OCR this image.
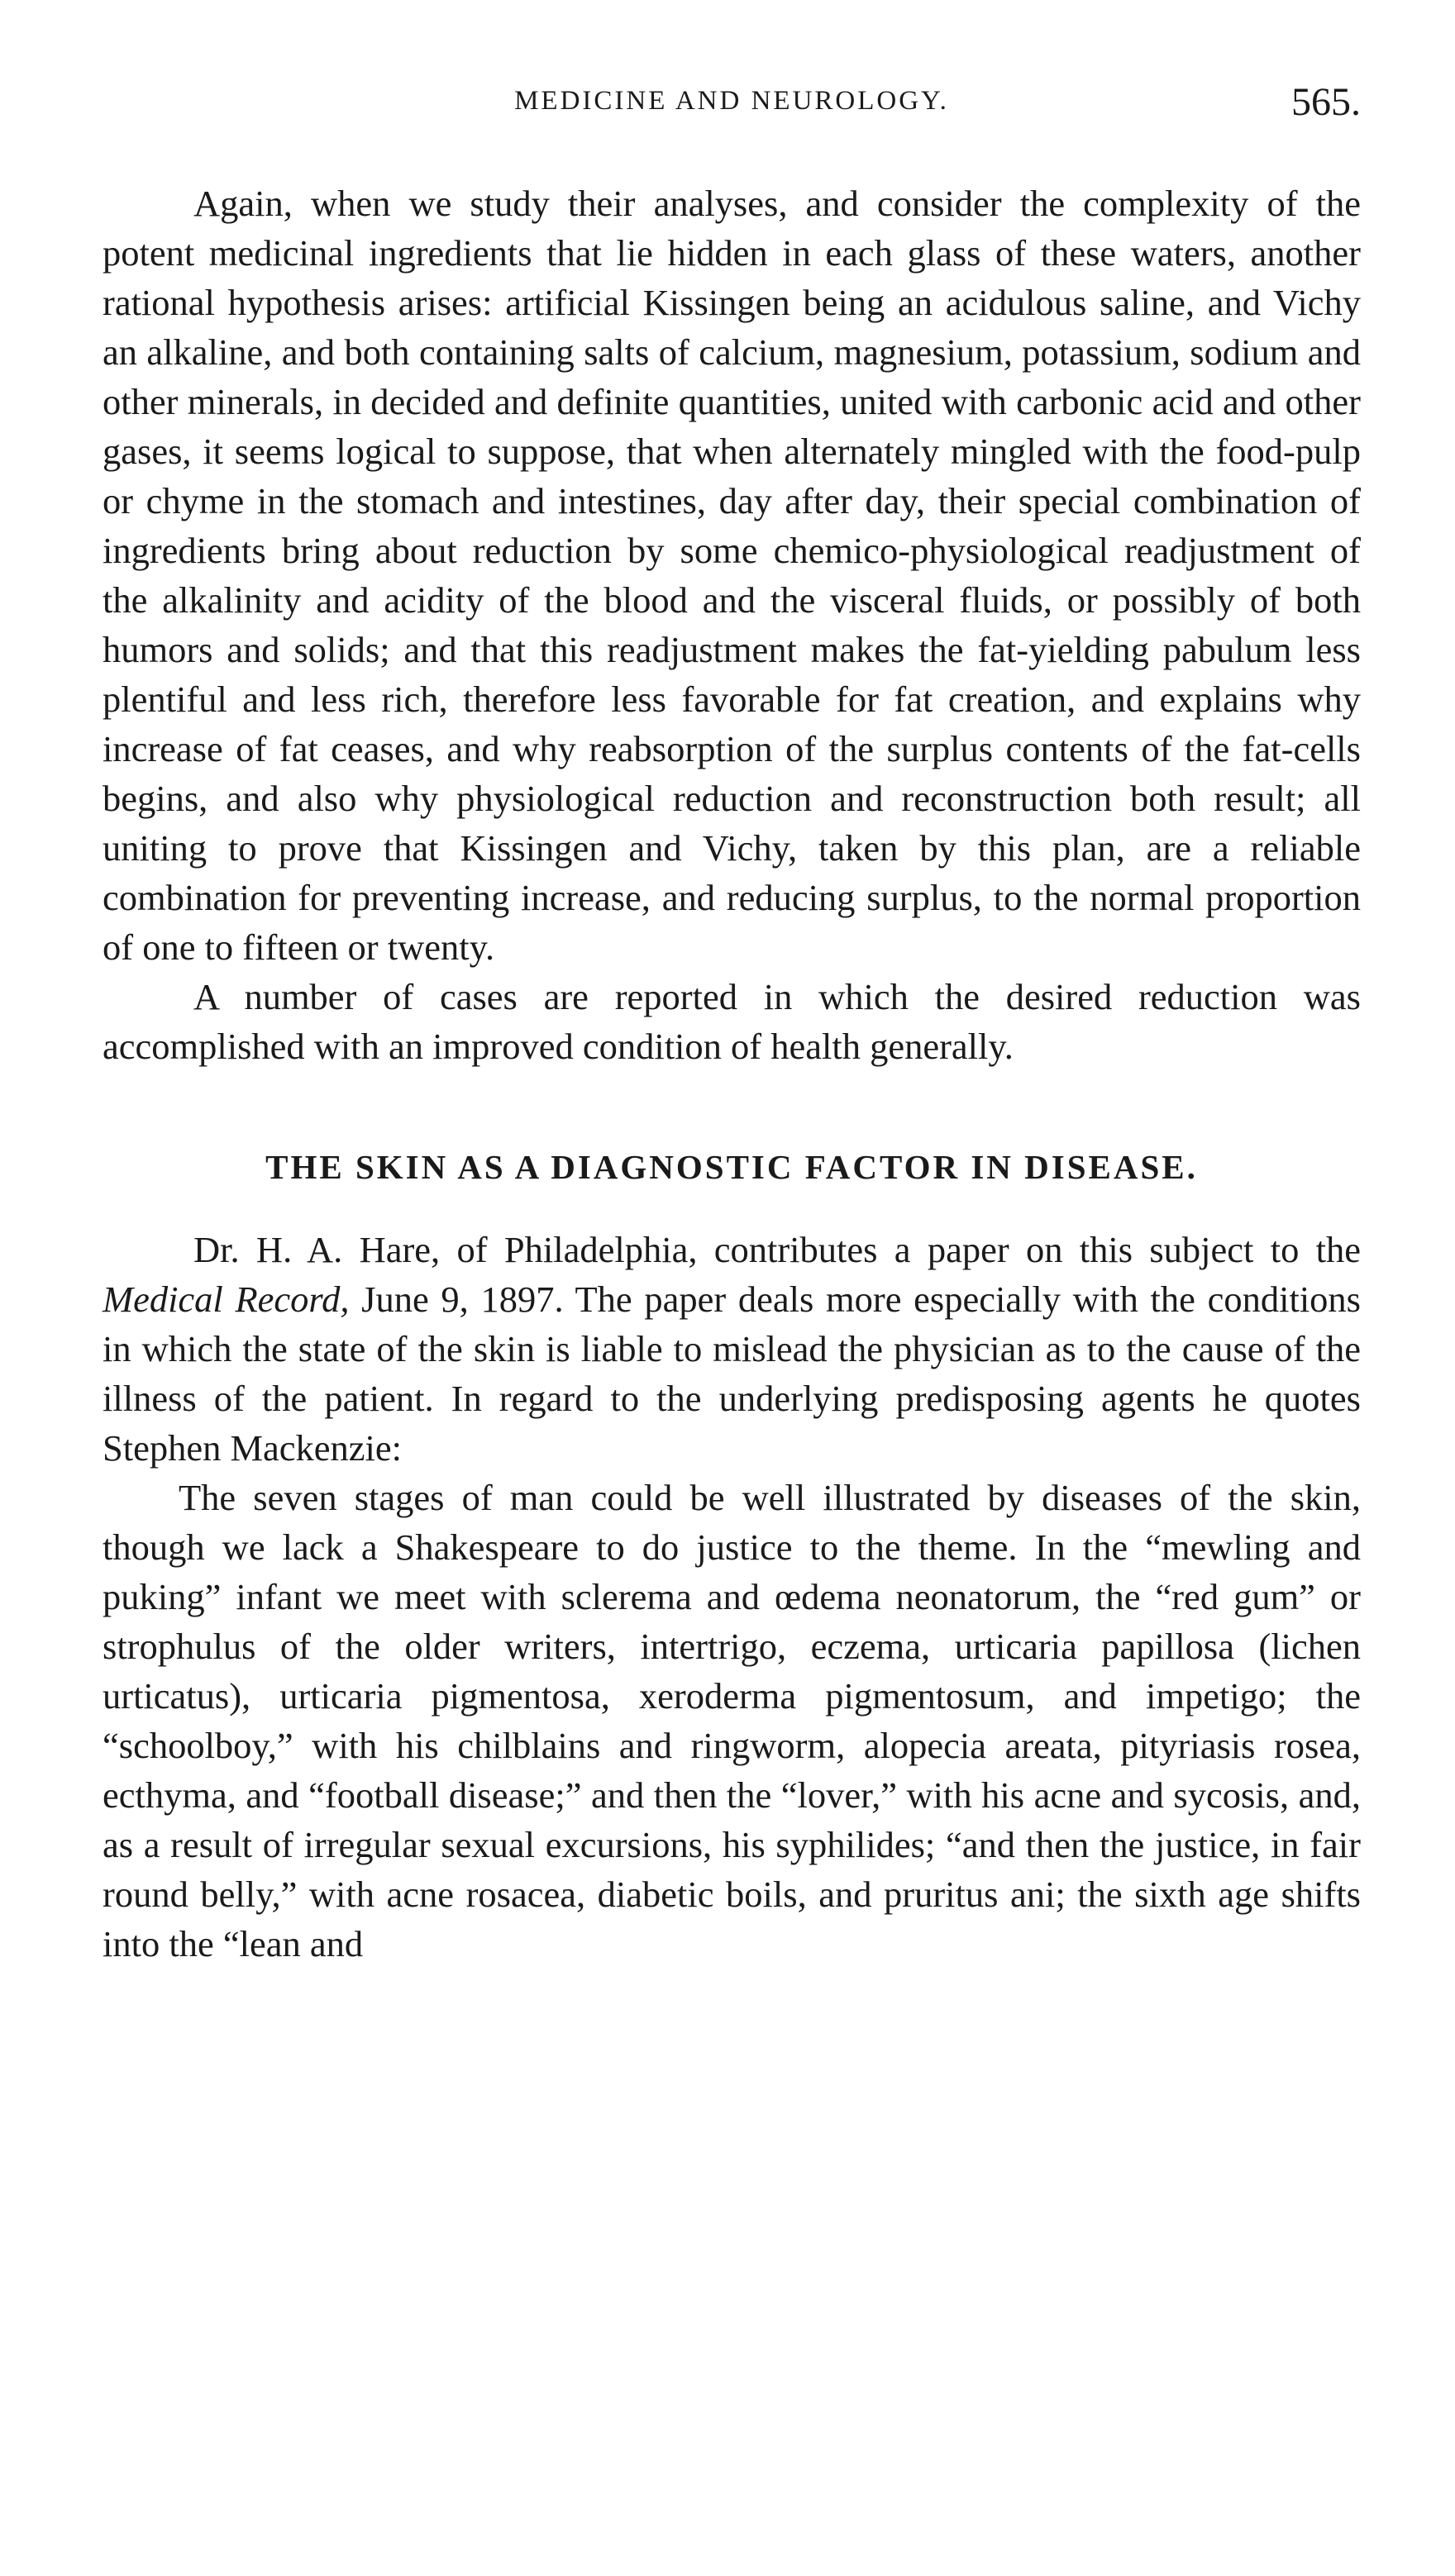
MEDICINE AND NEUROLOGY.	565.

Again, when we study their analyses, and consider the complexity of the potent medicinal ingredients that lie hidden in each glass of these waters, another rational hypothesis arises: artificial Kissingen being an acidulous saline, and Vichy an alkaline, and both containing salts of calcium, magnesium, potassium, sodium and other minerals, in decided and definite quantities, united with carbonic acid and other gases, it seems logical to suppose, that when alternately mingled with the food-pulp or chyme in the stomach and intestines, day after day, their special combination of ingredients bring about reduction by some chemico-physiological readjustment of the alkalinity and acidity of the blood and the visceral fluids, or possibly of both humors and solids; and that this readjustment makes the fat-yielding pabulum less plentiful and less rich, therefore less favorable for fat creation, and explains why increase of fat ceases, and why reabsorption of the surplus contents of the fat-cells begins, and also why physiological reduction and reconstruction both result; all uniting to prove that Kissingen and Vichy, taken by this plan, are a reliable combination for preventing increase, and reducing surplus, to the normal proportion of one to fifteen or twenty.

A number of cases are reported in which the desired reduction was accomplished with an improved condition of health generally.

THE SKIN AS A DIAGNOSTIC FACTOR IN DISEASE.

Dr. H. A. Hare, of Philadelphia, contributes a paper on this subject to the Medical Record, June 9, 1897. The paper deals more especially with the conditions in which the state of the skin is liable to mislead the physician as to the cause of the illness of the patient. In regard to the underlying predisposing agents he quotes Stephen Mackenzie:

The seven stages of man could be well illustrated by diseases of the skin, though we lack a Shakespeare to do justice to the theme. In the “mewling and puking” infant we meet with sclerema and œdema neonatorum, the “red gum” or strophulus of the older writers, intertrigo, eczema, urticaria papillosa (lichen urticatus), urticaria pigmentosa, xeroderma pigmentosum, and impetigo; the “schoolboy,” with his chilblains and ringworm, alopecia areata, pityriasis rosea, ecthyma, and “football disease;” and then the “lover,” with his acne and sycosis, and, as a result of irregular sexual excursions, his syphilides; “and then the justice, in fair round belly,” with acne rosacea, diabetic boils, and pruritus ani; the sixth age shifts into the “lean and
